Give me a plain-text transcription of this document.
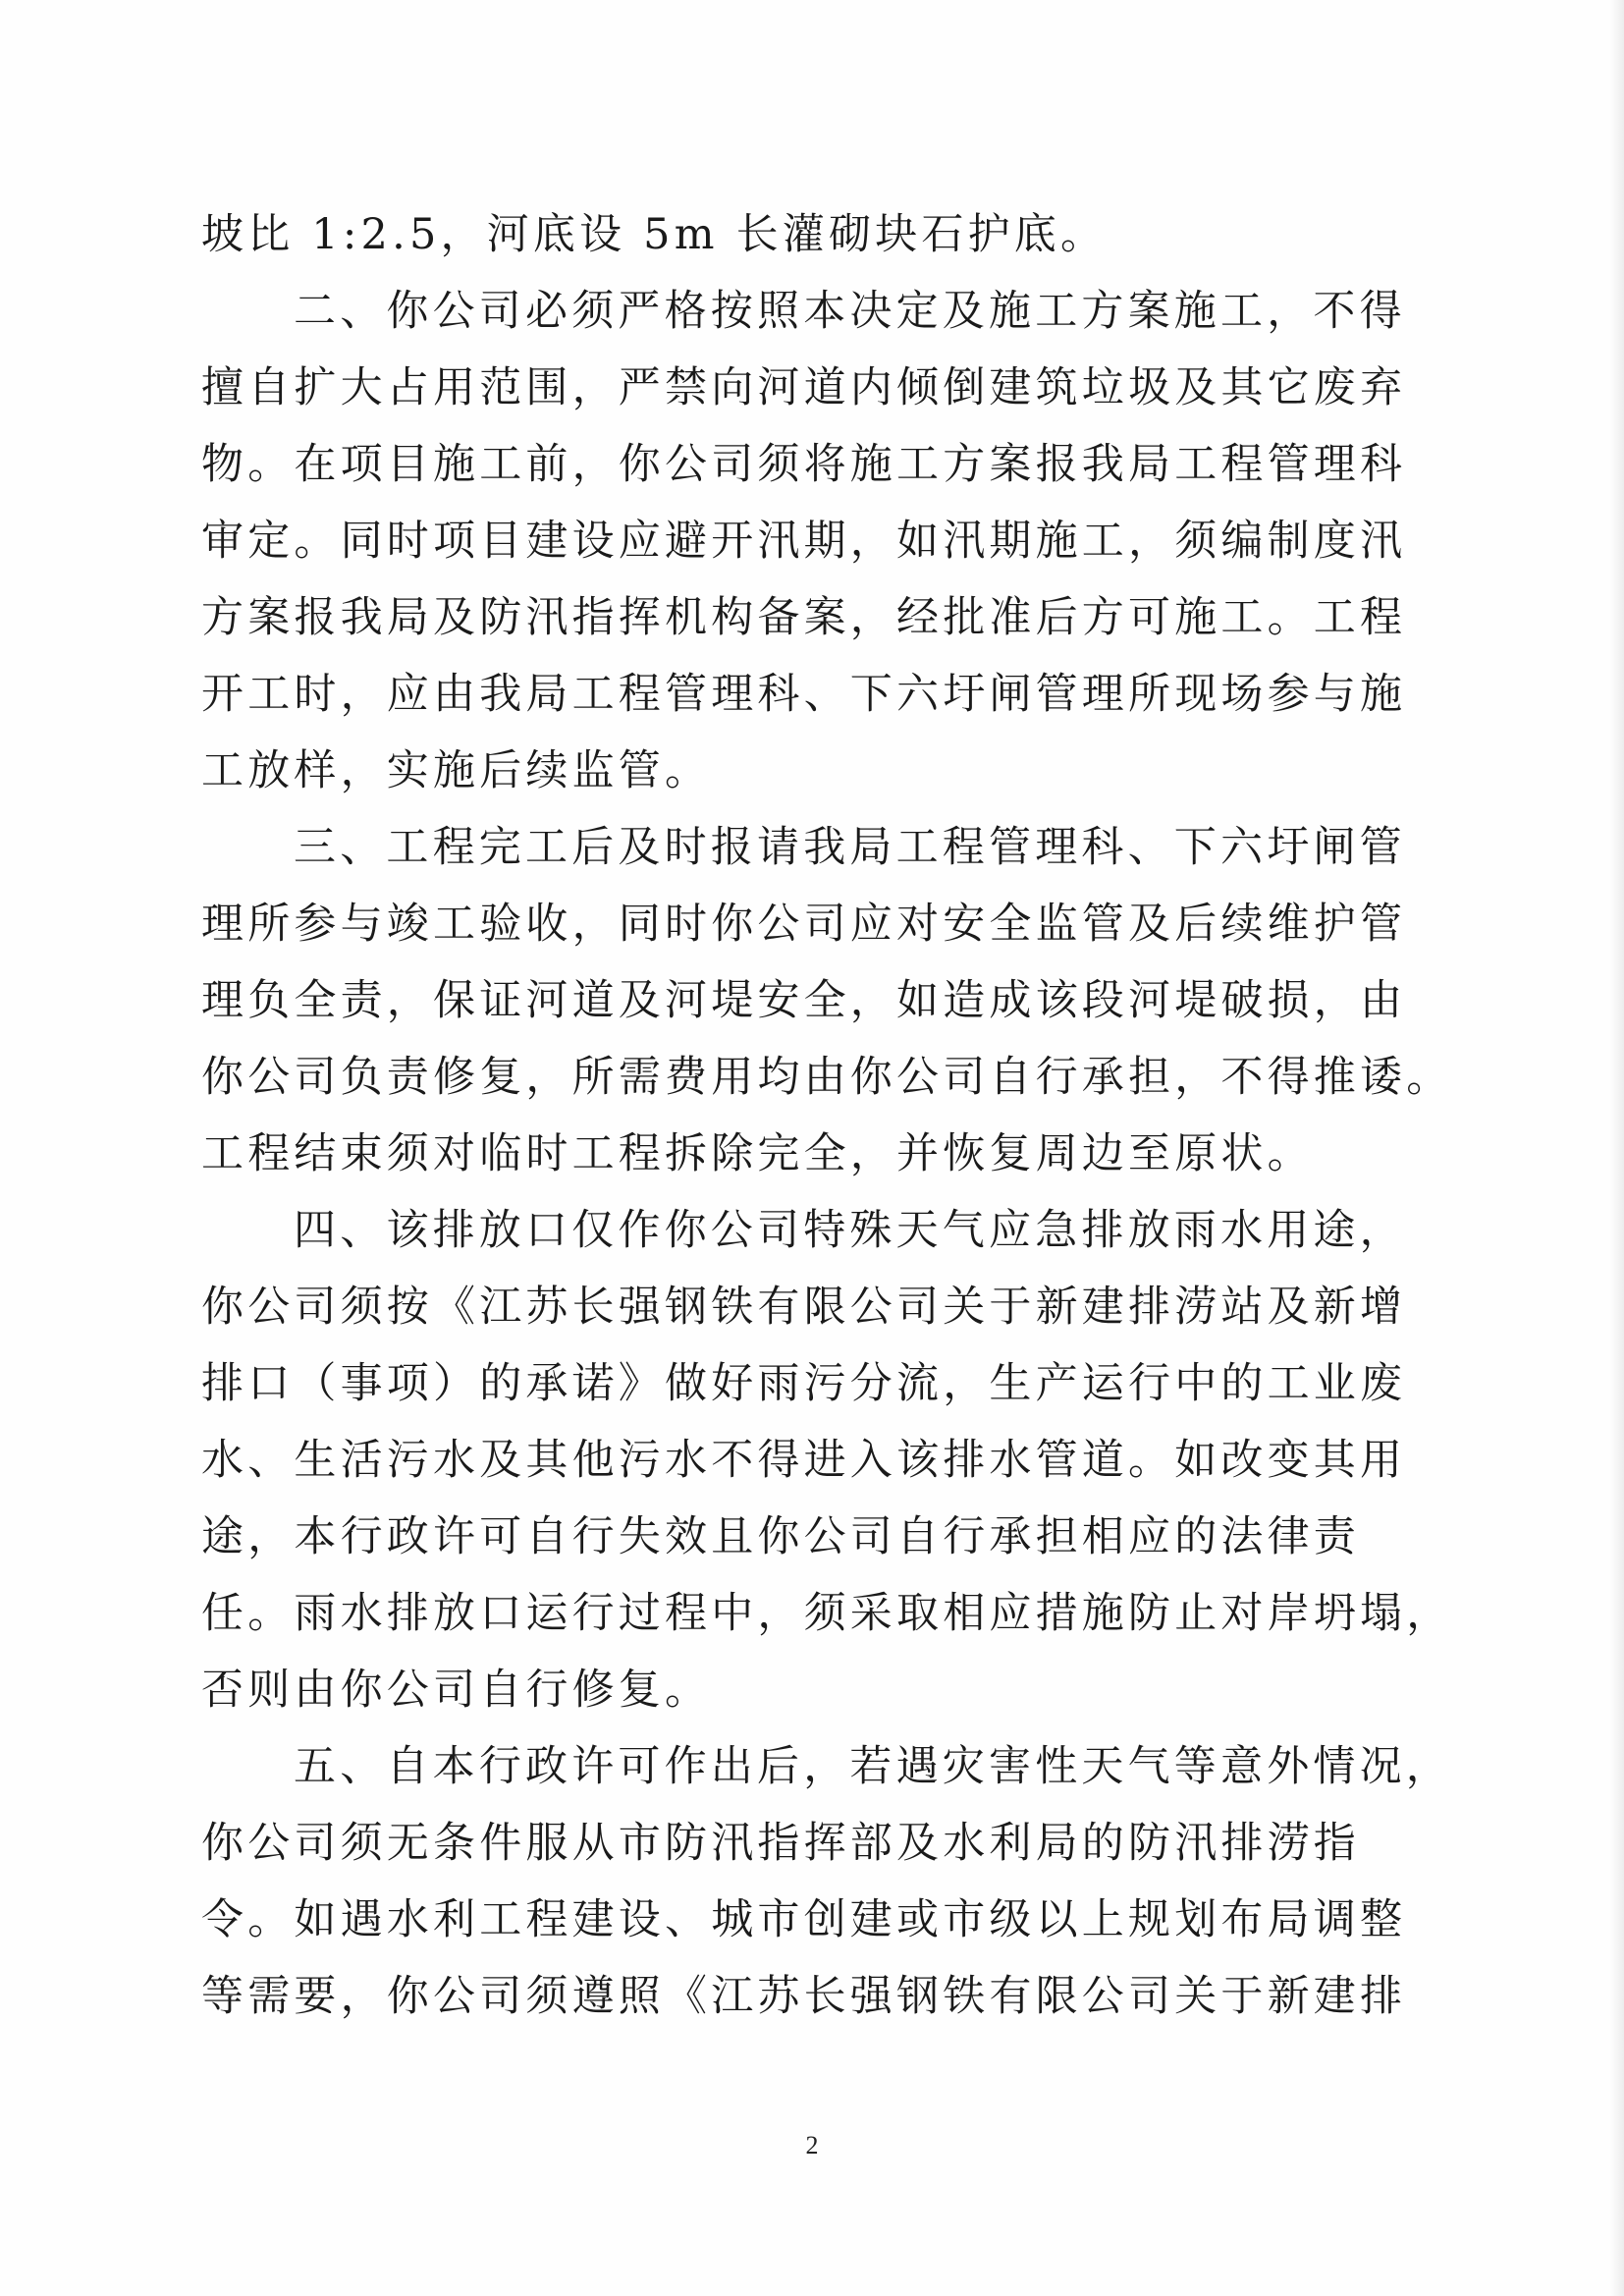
坡比 1:2.5，河底设 5m 长灌砌块石护底。
二、你公司必须严格按照本决定及施工方案施工，不得
擅自扩大占用范围，严禁向河道内倾倒建筑垃圾及其它废弃
物。在项目施工前，你公司须将施工方案报我局工程管理科
审定。同时项目建设应避开汛期，如汛期施工，须编制度汛
方案报我局及防汛指挥机构备案，经批准后方可施工。工程
开工时，应由我局工程管理科、下六圩闸管理所现场参与施
工放样，实施后续监管。
三、工程完工后及时报请我局工程管理科、下六圩闸管
理所参与竣工验收，同时你公司应对安全监管及后续维护管
理负全责，保证河道及河堤安全，如造成该段河堤破损，由
你公司负责修复，所需费用均由你公司自行承担，不得推诿。
工程结束须对临时工程拆除完全，并恢复周边至原状。
四、该排放口仅作你公司特殊天气应急排放雨水用途，
你公司须按《江苏长强钢铁有限公司关于新建排涝站及新增
排口（事项）的承诺》做好雨污分流，生产运行中的工业废
水、生活污水及其他污水不得进入该排水管道。如改变其用
途，本行政许可自行失效且你公司自行承担相应的法律责
任。雨水排放口运行过程中，须采取相应措施防止对岸坍塌，
否则由你公司自行修复。
五、自本行政许可作出后，若遇灾害性天气等意外情况，
你公司须无条件服从市防汛指挥部及水利局的防汛排涝指
令。如遇水利工程建设、城市创建或市级以上规划布局调整
等需要，你公司须遵照《江苏长强钢铁有限公司关于新建排
2
